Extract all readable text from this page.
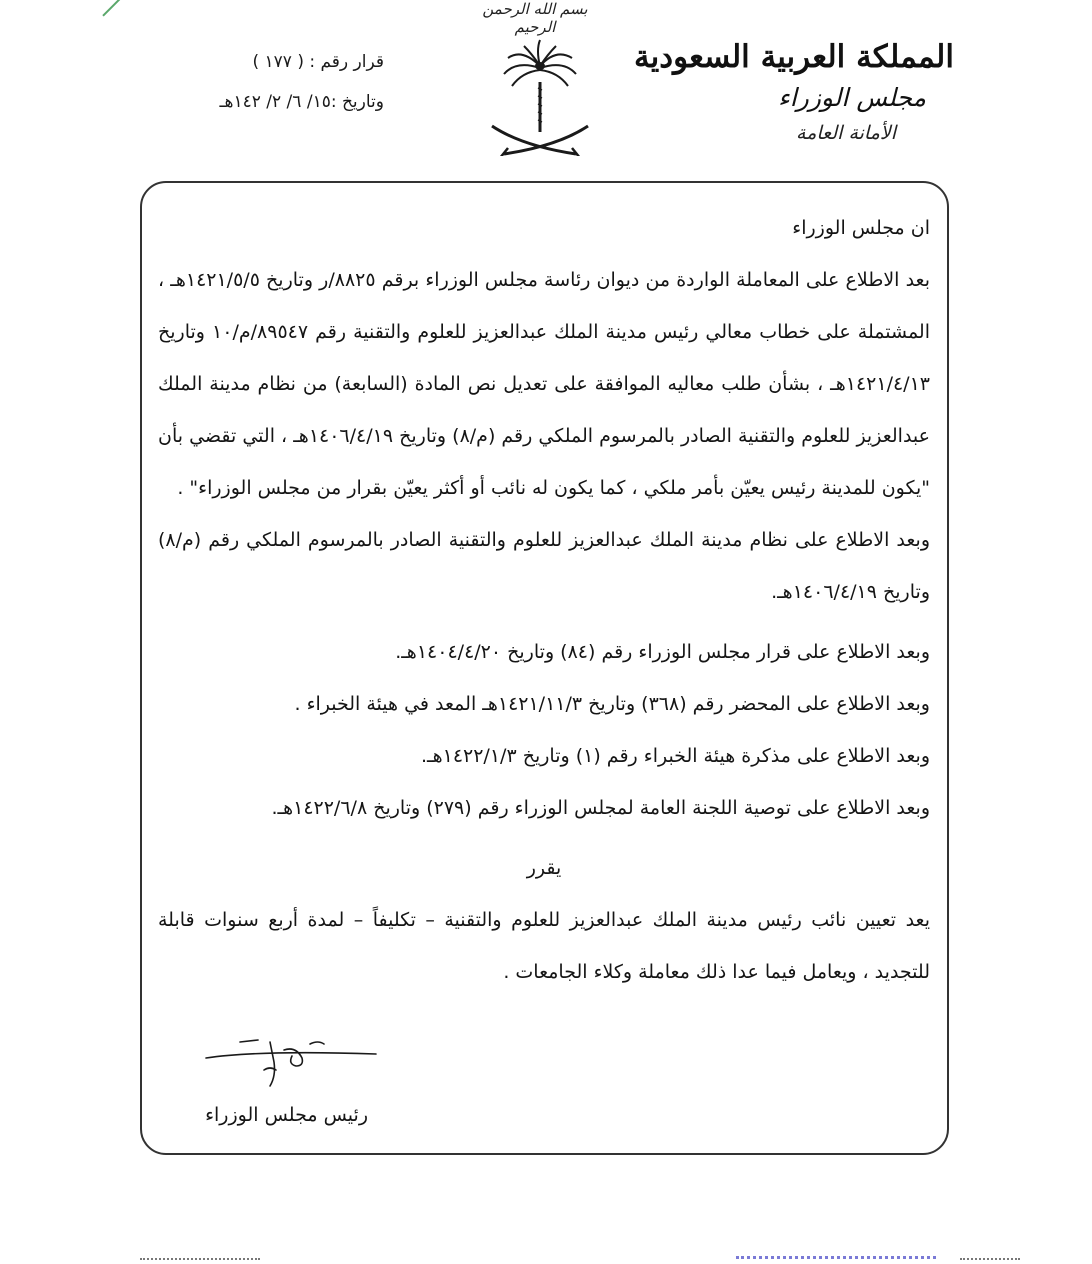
بسم الله الرحمن الرحيم
المملكة العربية السعودية
مجلس الوزراء
الأمانة العامة
قرار رقم : ( ١٧٧ )
وتاريخ :١٥/ ٦/ ٢/ ١٤٢هـ

ان مجلس الوزراء

بعد الاطلاع على المعاملة الواردة من ديوان رئاسة مجلس الوزراء برقم ٨٨٢٥/ر وتاريخ ١٤٢١/٥/٥هـ ، المشتملة على خطاب معالي رئيس مدينة الملك عبدالعزيز للعلوم والتقنية رقم ٨٩٥٤٧/م/١٠ وتاريخ ١٤٢١/٤/١٣هـ ، بشأن طلب معاليه الموافقة على تعديل نص المادة (السابعة) من نظام مدينة الملك عبدالعزيز للعلوم والتقنية الصادر بالمرسوم الملكي رقم (م/٨) وتاريخ ١٤٠٦/٤/١٩هـ ، التي تقضي بأن "يكون للمدينة رئيس يعيّن بأمر ملكي ، كما يكون له نائب أو أكثر يعيّن بقرار من مجلس الوزراء" .

وبعد الاطلاع على نظام مدينة الملك عبدالعزيز للعلوم والتقنية الصادر بالمرسوم الملكي رقم (م/٨) وتاريخ ١٤٠٦/٤/١٩هـ.

وبعد الاطلاع على قرار مجلس الوزراء رقم (٨٤) وتاريخ ١٤٠٤/٤/٢٠هـ.

وبعد الاطلاع على المحضر رقم (٣٦٨) وتاريخ ١٤٢١/١١/٣هـ المعد في هيئة الخبراء .

وبعد الاطلاع على مذكرة هيئة الخبراء رقم (١) وتاريخ ١٤٢٢/١/٣هـ.

وبعد الاطلاع على توصية اللجنة العامة لمجلس الوزراء رقم (٢٧٩) وتاريخ ١٤٢٢/٦/٨هـ.

يقرر

يعد تعيين نائب رئيس مدينة الملك عبدالعزيز للعلوم والتقنية – تكليفاً – لمدة أربع سنوات قابلة للتجديد ، ويعامل فيما عدا ذلك معاملة وكلاء الجامعات .

رئيس مجلس الوزراء
